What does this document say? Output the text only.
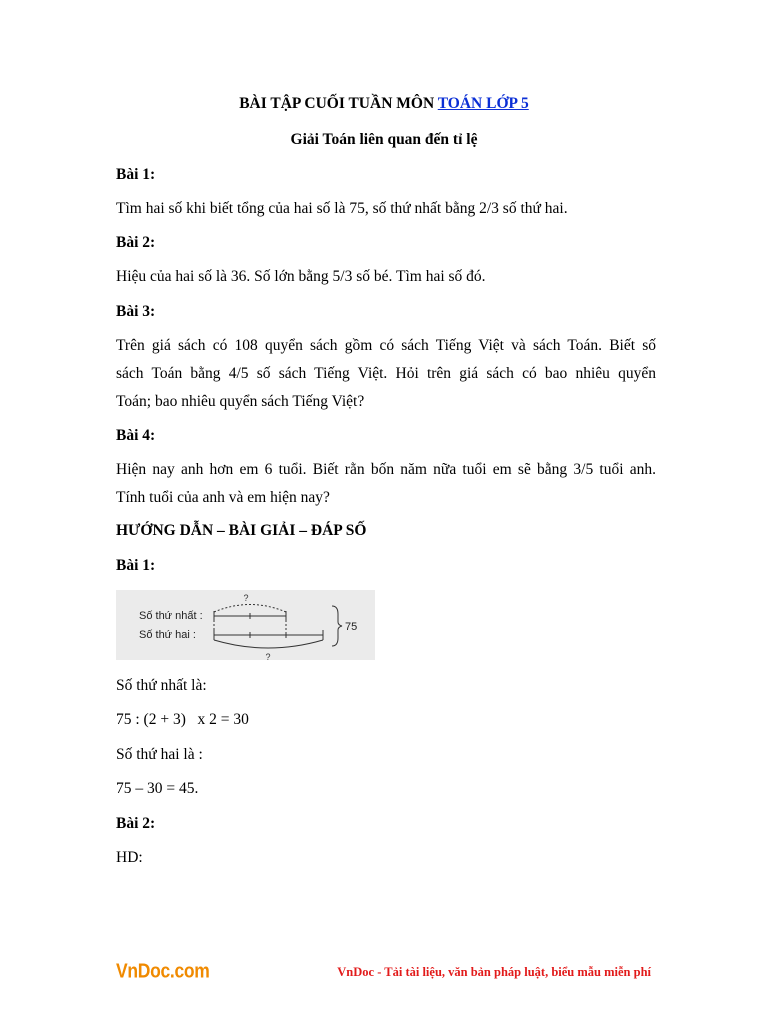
BÀI TẬP CUỐI TUẦN MÔN TOÁN LỚP 5
Giải Toán liên quan đến tỉ lệ
Bài 1:
Tìm hai số khi biết tổng của hai số là 75, số thứ nhất bằng 2/3 số thứ hai.
Bài 2:
Hiệu của hai số là 36. Số lớn bằng 5/3 số bé. Tìm hai số đó.
Bài 3:
Trên giá sách có 108 quyển sách gồm có sách Tiếng Việt và sách Toán. Biết số
sách Toán bằng 4/5 số sách Tiếng Việt. Hỏi trên giá sách có bao nhiêu quyển
Toán; bao nhiêu quyển sách Tiếng Việt?
Bài 4:
Hiện nay anh hơn em 6 tuổi. Biết rằn bốn năm nữa tuổi em sẽ bằng 3/5 tuổi anh.
Tính tuổi của anh và em hiện nay?
HƯỚNG DẪN – BÀI GIẢI – ĐÁP SỐ
Bài 1:
?
Số thứ nhất :
Số thứ hai :
?
75
Số thứ nhất là:
75 : (2 + 3)   x 2 = 30
Số thứ hai là :
75 – 30 = 45.
Bài 2:
HD:
VnDoc.com	VnDoc - Tải tài liệu, văn bản pháp luật, biểu mẫu miễn phí
